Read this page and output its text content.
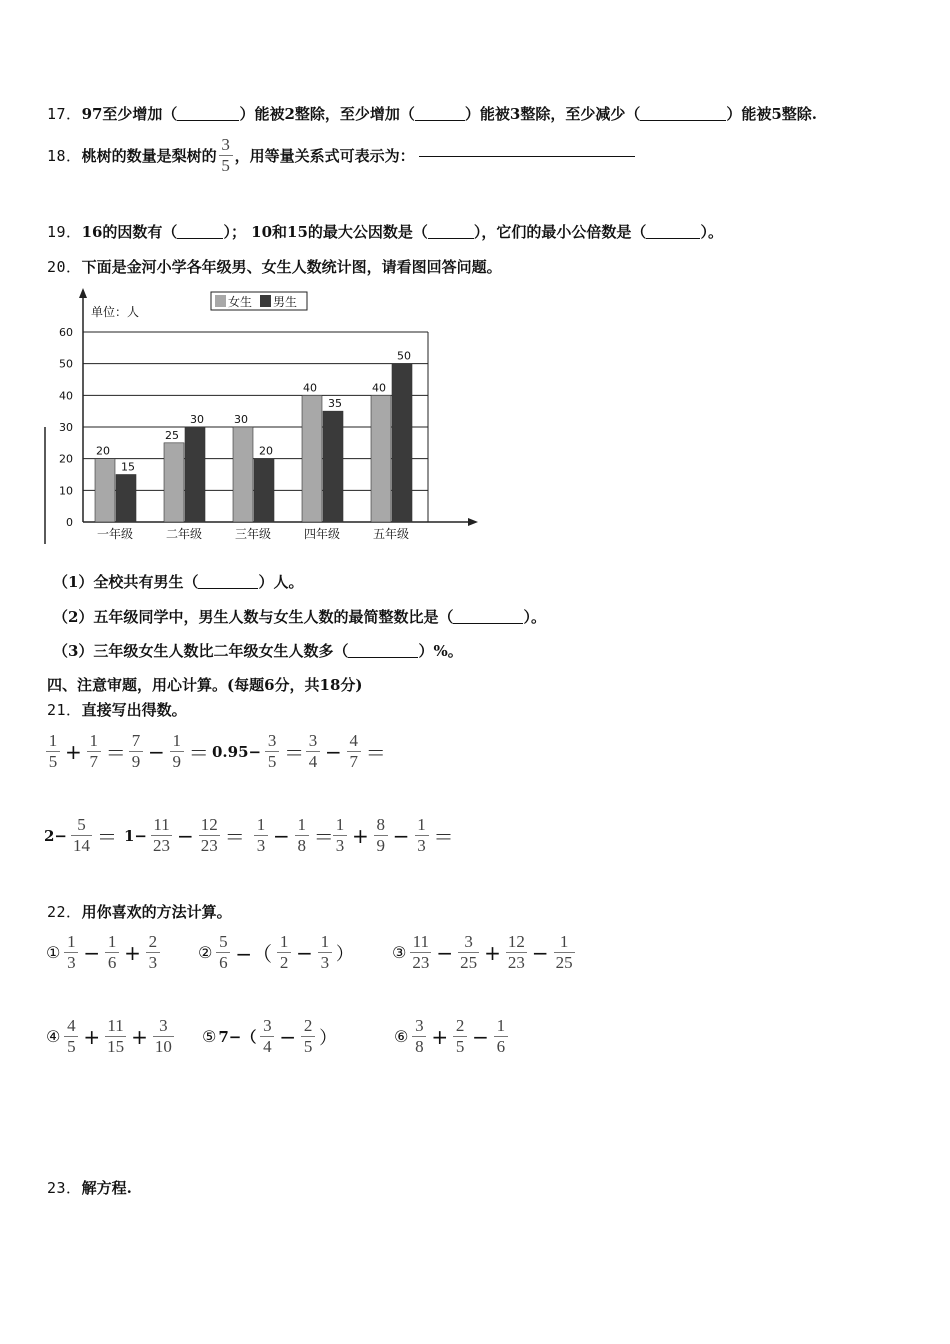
17．97至少增加（	）能被2整除，至少增加（	）能被3整除，至少减少（	）能被5整除.
18． 桃树的数量是梨树的 $\frac{3}{5}$ ，用等量关系式可表示为：
19．16的因数有（	）； 10和15的最大公因数是（	），它们的最小公倍数是（	）。
20．下面是金河小学各年级男、女生人数统计图，请看图回答问题。
0
10
20
30
40
50
60
单位：人
女生 男生
20
15
一年级
25
30
二年级
30
20
三年级
40
35
四年级
40
50
五年级
（1）全校共有男生（	）人。
（2）五年级同学中，男生人数与女生人数的最简整数比是（	）。
（3）三年级女生人数比二年级女生人数多（	）%。
四、注意审题，用心计算。(每题6分，共18分)
21．直接写出得数。
$\frac{1}{5} + \frac{1}{7} = \frac{7}{9} - \frac{1}{9} = 0.95- \frac{3}{5} = \frac{3}{4} - \frac{4}{7}$ ＝
$2- \frac{5}{14} = 1- \frac{11}{23} - \frac{12}{23} = \frac{1}{3} - \frac{1}{8} = \frac{1}{3} + \frac{8}{9} - \frac{1}{3}$ ＝
22．用你喜欢的方法计算。
① $\frac{1}{3} - \frac{1}{6} + \frac{2}{3}$ ② $\frac{5}{6}$ −（ $\frac{1}{2} - \frac{1}{3}$ ） ③ $\frac{11}{23} - \frac{3}{25} + \frac{12}{23} - \frac{1}{25}$
④ $\frac{4}{5} + \frac{11}{15} + \frac{3}{10}$ ⑤ $7-( \frac{3}{4} - \frac{2}{5}$ ）	⑥ $\frac{3}{8} + \frac{2}{5} - \frac{1}{6}$
23．解方程.
